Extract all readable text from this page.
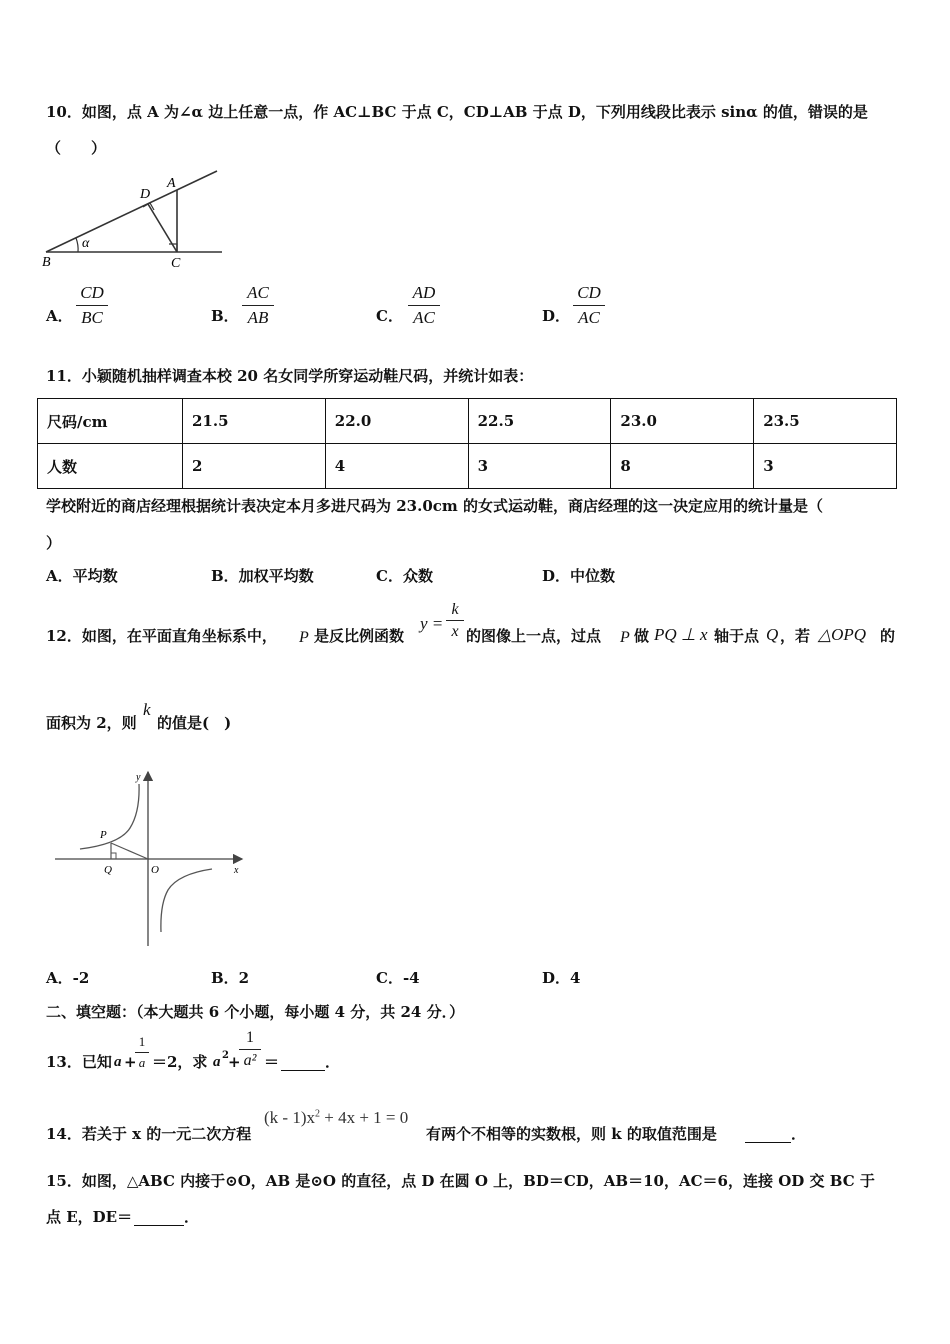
10．如图，点 A 为∠α 边上任意一点，作 AC⊥BC 于点 C，CD⊥AB 于点 D，下列用线段比表示 sinα 的值，错误的是
（　　）
D
A
α
B	C
A．
CD
BC	B．
AC
AB	C．
AD
AC	D．
CD
AC
11．小颖随机抽样调查本校 20 名女同学所穿运动鞋尺码，并统计如表：
尺码/cm	21.5	22.0	22.5	23.0	23.5
人数	2	4	3	8	3
学校附近的商店经理根据统计表决定本月多进尺码为 23.0cm 的女式运动鞋，商店经理的这一决定应用的统计量是（
）
A．平均数	B．加权平均数	C．众数	D．中位数
12．如图，在平面直角坐标系中， P 是反比例函数
y =
k
x 的图像上一点，过点 P 做 PQ ⊥ x 轴于点 Q ，若 △OPQ 的
面积为 2，则
k
的值是(　)
y
P
Q	O	x
A．-2	B．2	C．-4	D．4
二、填空题：（本大题共 6 个小题，每小题 4 分，共 24 分．）
13．已知 a +
1
a ＝2，求 a 2 +
1
a² ＝	．
14．若关于 x 的一元二次方程
$(k - 1)x^2 + 4x + 1 = 0$
有两个不相等的实数根，则 k 的取值范围是	．
15．如图，△ABC 内接于⊙O，AB 是⊙O 的直径，点 D 在圆 O 上，BD＝CD，AB＝10，AC＝6，连接 OD 交 BC 于
点 E，DE＝	．
